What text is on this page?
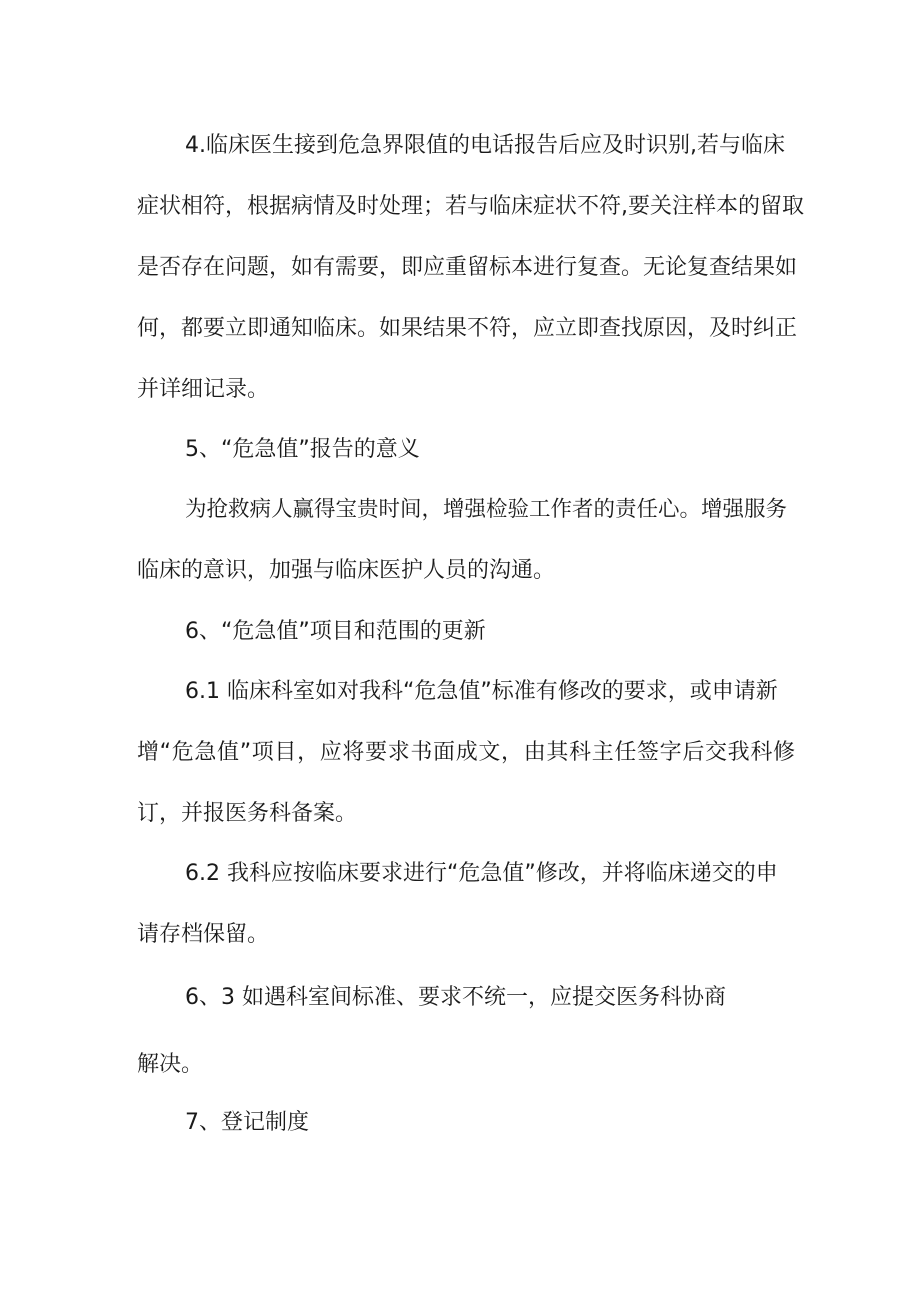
4.临床医生接到危急界限值的电话报告后应及时识别,若与临床
症状相符，根据病情及时处理；若与临床症状不符,要关注样本的留取
是否存在问题，如有需要，即应重留标本进行复查。无论复查结果如
何，都要立即通知临床。如果结果不符，应立即查找原因，及时纠正
并详细记录。
5、“危急值”报告的意义
为抢救病人赢得宝贵时间，增强检验工作者的责任心。增强服务
临床的意识，加强与临床医护人员的沟通。
6、“危急值”项目和范围的更新
6.1 临床科室如对我科“危急值”标准有修改的要求，或申请新
增“危急值”项目，应将要求书面成文，由其科主任签字后交我科修
订，并报医务科备案。
6.2 我科应按临床要求进行“危急值”修改，并将临床递交的申
请存档保留。
6、3 如遇科室间标准、要求不统一，应提交医务科协商
解决。
7、登记制度
